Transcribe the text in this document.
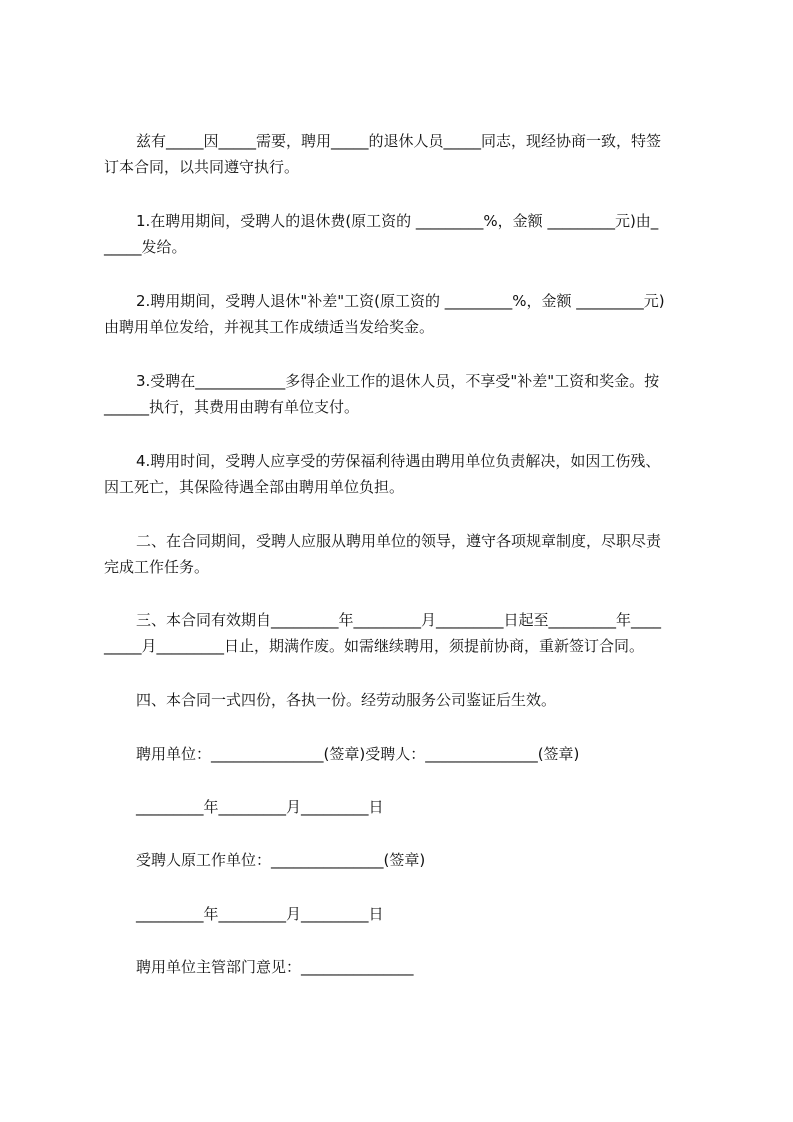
兹有_____因_____需要，聘用_____的退休人员_____同志，现经协商一致，特签
订本合同，以共同遵守执行。
1.在聘用期间，受聘人的退休费(原工资的 _________%，金额 _________元)由_
_____发给。
2.聘用期间，受聘人退休"补差"工资(原工资的 _________%，金额 _________元)
由聘用单位发给，并视其工作成绩适当发给奖金。
3.受聘在____________多得企业工作的退休人员，不享受"补差"工资和奖金。按
______执行，其费用由聘有单位支付。
4.聘用时间，受聘人应享受的劳保福利待遇由聘用单位负责解决，如因工伤残、
因工死亡，其保险待遇全部由聘用单位负担。
二、在合同期间，受聘人应服从聘用单位的领导，遵守各项规章制度，尽职尽责
完成工作任务。
三、本合同有效期自_________年_________月_________日起至_________年____
_____月_________日止，期满作废。如需继续聘用，须提前协商，重新签订合同。
四、本合同一式四份，各执一份。经劳动服务公司鉴证后生效。
聘用单位：_______________(签章)受聘人：_______________(签章)
_________年_________月_________日
受聘人原工作单位：_______________(签章)
_________年_________月_________日
聘用单位主管部门意见：_______________
